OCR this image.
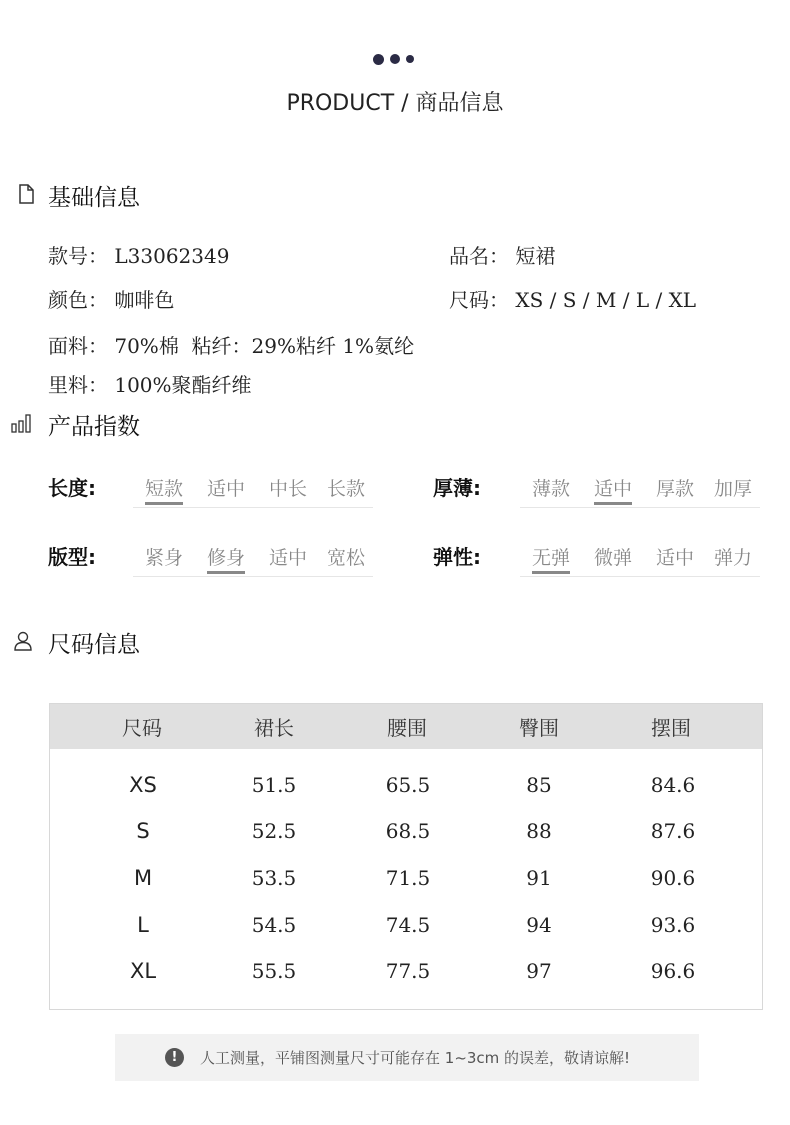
PRODUCT / 商品信息
基础信息
款号： L33062349	品名： 短裙
颜色： 咖啡色	尺码： XS / S / M / L / XL
面料： 70%棉  粘纤：29%粘纤 1%氨纶
里料： 100%聚酯纤维
产品指数
长度:	短款	适中	中长	长款	厚薄:	薄款	适中	厚款	加厚
版型:	紧身	修身	适中	宽松	弹性:	无弹	微弹	适中	弹力
尺码信息
尺码	裙长	腰围	臀围	摆围
XS	51.5	65.5	85	84.6
S	52.5	68.5	88	87.6
M	53.5	71.5	91	90.6
L	54.5	74.5	94	93.6
XL	55.5	77.5	97	96.6
!	人工测量，平铺图测量尺寸可能存在 1~3cm 的误差，敬请谅解!
